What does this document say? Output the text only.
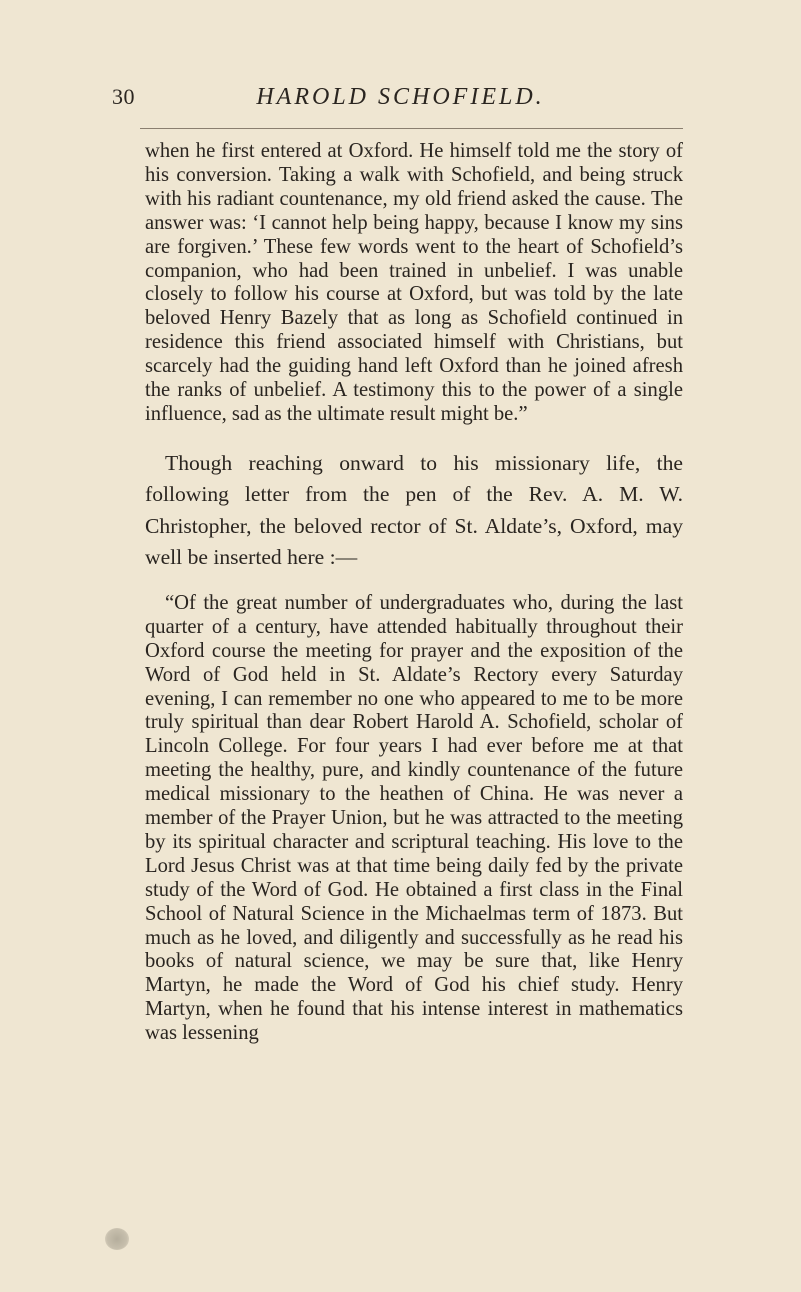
30	HAROLD SCHOFIELD.

when he first entered at Oxford. He himself told me the story of his conversion. Taking a walk with Schofield, and being struck with his radiant countenance, my old friend asked the cause. The answer was: ‘I cannot help being happy, because I know my sins are forgiven.’ These few words went to the heart of Schofield’s companion, who had been trained in unbelief. I was unable closely to follow his course at Oxford, but was told by the late beloved Henry Bazely that as long as Schofield continued in residence this friend associated himself with Christians, but scarcely had the guiding hand left Oxford than he joined afresh the ranks of unbelief. A testimony this to the power of a single influence, sad as the ultimate result might be.”

Though reaching onward to his missionary life, the following letter from the pen of the Rev. A. M. W. Christopher, the beloved rector of St. Aldate’s, Oxford, may well be inserted here :—

“Of the great number of undergraduates who, during the last quarter of a century, have attended habitually throughout their Oxford course the meeting for prayer and the exposition of the Word of God held in St. Aldate’s Rectory every Saturday evening, I can remember no one who appeared to me to be more truly spiritual than dear Robert Harold A. Schofield, scholar of Lincoln College. For four years I had ever before me at that meeting the healthy, pure, and kindly countenance of the future medical missionary to the heathen of China. He was never a member of the Prayer Union, but he was attracted to the meeting by its spiritual character and scriptural teaching. His love to the Lord Jesus Christ was at that time being daily fed by the private study of the Word of God. He obtained a first class in the Final School of Natural Science in the Michaelmas term of 1873. But much as he loved, and diligently and successfully as he read his books of natural science, we may be sure that, like Henry Martyn, he made the Word of God his chief study. Henry Martyn, when he found that his intense interest in mathematics was lessening
